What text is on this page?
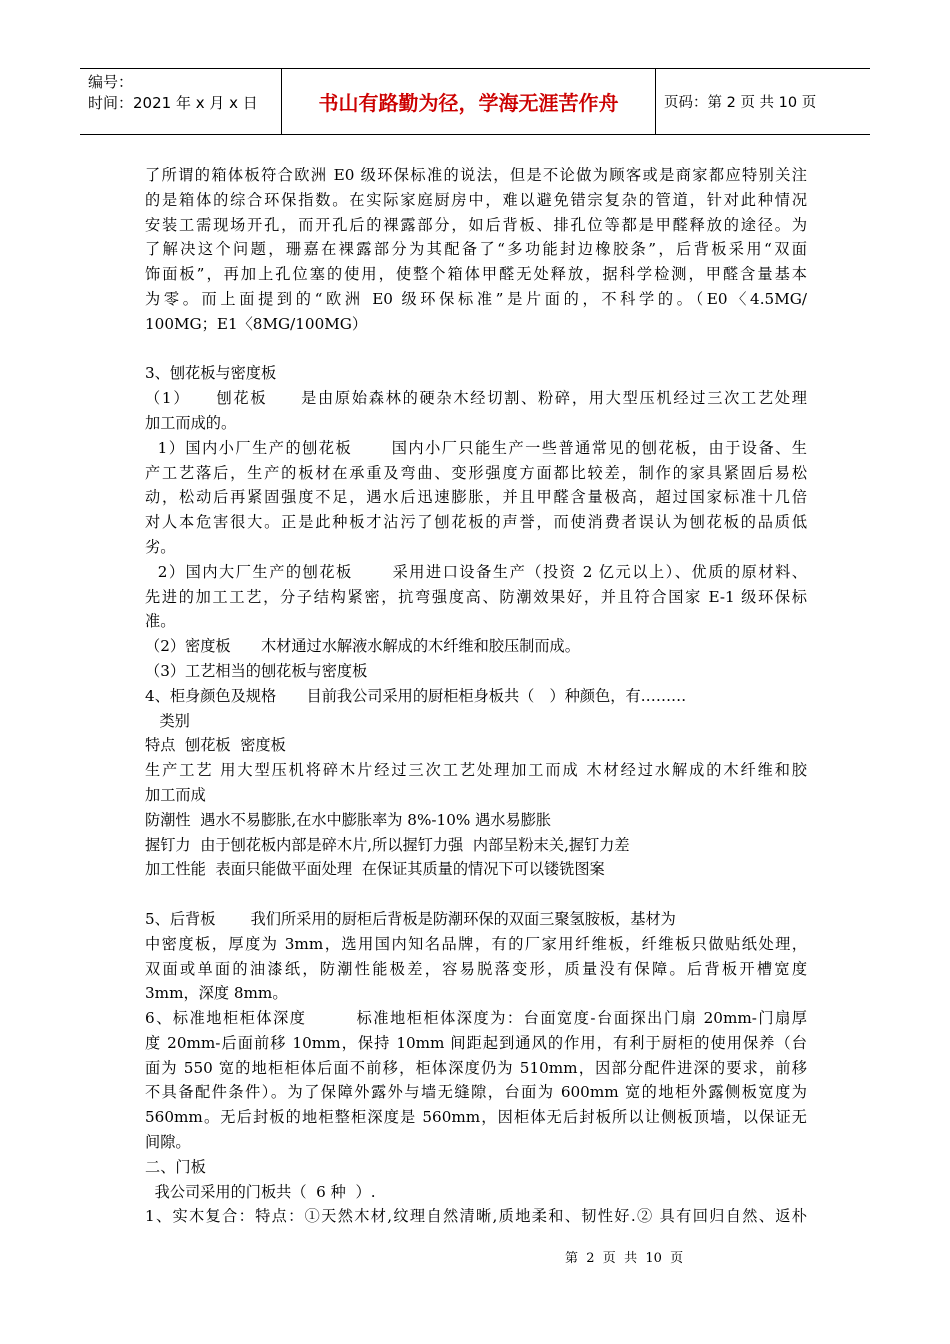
编号：
时间：2021 年 x 月 x 日	书山有路勤为径，学海无涯苦作舟	页码：第 2 页 共 10 页
了所谓的箱体板符合欧洲 E0 级环保标准的说法，但是不论做为顾客或是商家都应特别关注
的是箱体的综合环保指数。在实际家庭厨房中，难以避免错宗复杂的管道，针对此种情况
安装工需现场开孔，而开孔后的裸露部分，如后背板、排孔位等都是甲醛释放的途径。为
了解决这个问题，珊嘉在裸露部分为其配备了“多功能封边橡胶条”，后背板采用“双面
饰面板”，再加上孔位塞的使用，使整个箱体甲醛无处释放，据科学检测，甲醛含量基本
为零。而上面提到的“欧洲 E0 级环保标准”是片面的，不科学的。（E0〈4.5MG/
100MG；E1〈8MG/100MG）
3、刨花板与密度板
（1）　　刨花板　　是由原始森林的硬杂木经切割、粉碎，用大型压机经过三次工艺处理
加工而成的。
1）国内小厂生产的刨花板　　 国内小厂只能生产一些普通常见的刨花板，由于设备、生
产工艺落后，生产的板材在承重及弯曲、变形强度方面都比较差，制作的家具紧固后易松
动，松动后再紧固强度不足，遇水后迅速膨胀，并且甲醛含量极高，超过国家标准十几倍
对人本危害很大。正是此种板才沾污了刨花板的声誉，而使消费者误认为刨花板的品质低
劣。
2）国内大厂生产的刨花板　　 采用进口设备生产（投资 2 亿元以上）、优质的原材料、
先进的加工工艺，分子结构紧密，抗弯强度高、防潮效果好，并且符合国家 E-1 级环保标
准。
（2）密度板　　木材通过水解液水解成的木纤维和胶压制而成。
（3）工艺相当的刨花板与密度板
4、柜身颜色及规格　　目前我公司采用的厨柜柜身板共（　）种颜色，有………
类别
特点  刨花板  密度板
生产工艺 用大型压机将碎木片经过三次工艺处理加工而成 木材经过水解成的木纤维和胶
加工而成
防潮性  遇水不易膨胀,在水中膨胀率为 8%-10% 遇水易膨胀
握钉力  由于刨花板内部是碎木片,所以握钉力强  内部呈粉末关,握钉力差
加工性能  表面只能做平面处理  在保证其质量的情况下可以镂铣图案
5、后背板　　 我们所采用的厨柜后背板是防潮环保的双面三聚氢胺板，基材为
中密度板，厚度为 3mm，选用国内知名品牌，有的厂家用纤维板，纤维板只做贴纸处理，
双面或单面的油漆纸，防潮性能极差，容易脱落变形，质量没有保障。后背板开槽宽度
3mm，深度 8mm。
6、标准地柜柜体深度　　　标准地柜柜体深度为：台面宽度-台面探出门扇 20mm-门扇厚
度 20mm-后面前移 10mm，保持 10mm 间距起到通风的作用，有利于厨柜的使用保养（台
面为 550 宽的地柜柜体后面不前移，柜体深度仍为 510mm，因部分配件进深的要求，前移
不具备配件条件）。为了保障外露外与墙无缝隙，台面为 600mm 宽的地柜外露侧板宽度为
560mm。无后封板的地柜整柜深度是 560mm，因柜体无后封板所以让侧板顶墙，以保证无
间隙。
二、门板
我公司采用的门板共（  6 种  ）.
1、实木复合：特点：①天然木材,纹理自然清晰,质地柔和、韧性好.② 具有回归自然、返朴
第  2  页  共  10  页
